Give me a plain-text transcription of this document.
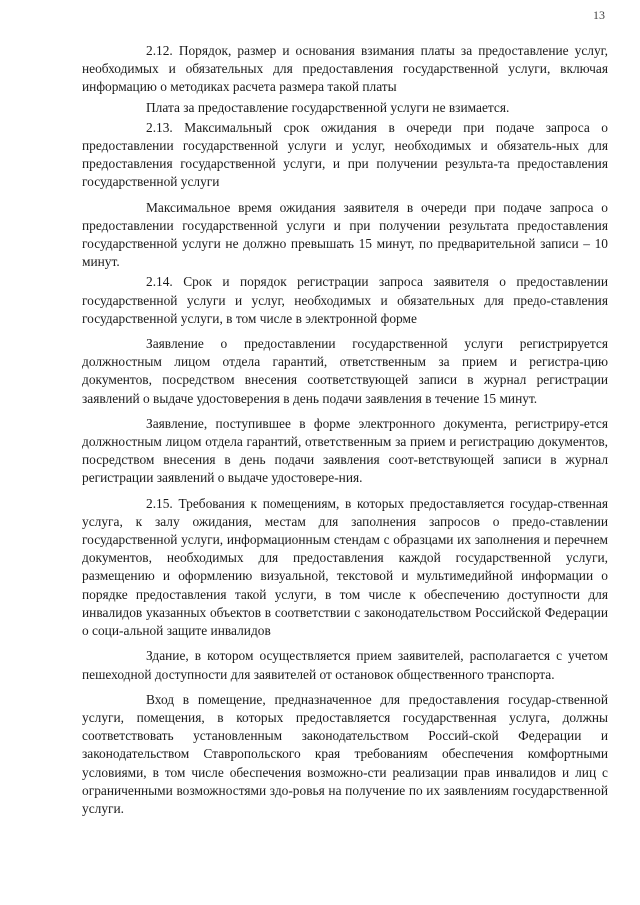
13

2.12. Порядок, размер и основания взимания платы за предоставление услуг, необходимых и обязательных для предоставления государственной услуги, включая информацию о методиках расчета размера такой платы

Плата за предоставление государственной услуги не взимается.

2.13. Максимальный срок ожидания в очереди при подаче запроса о предоставлении государственной услуги и услуг, необходимых и обязатель-ных для предоставления государственной услуги, и при получении результа-та предоставления государственной услуги

Максимальное время ожидания заявителя в очереди при подаче запроса о предоставлении государственной услуги и при получении результата предоставления государственной услуги не должно превышать 15 минут, по предварительной записи – 10 минут.

2.14. Срок и порядок регистрации запроса заявителя о предоставлении государственной услуги и услуг, необходимых и обязательных для предо-ставления государственной услуги, в том числе в электронной форме

Заявление о предоставлении государственной услуги регистрируется должностным лицом отдела гарантий, ответственным за прием и регистра-цию документов, посредством внесения соответствующей записи в журнал регистрации заявлений о выдаче удостоверения в день подачи заявления в течение 15 минут.

Заявление, поступившее в форме электронного документа, регистриру-ется должностным лицом отдела гарантий, ответственным за прием и регистрацию документов, посредством внесения в день подачи заявления соот-ветствующей записи в журнал регистрации заявлений о выдаче удостовере-ния.

2.15. Требования к помещениям, в которых предоставляется государ-ственная услуга, к залу ожидания, местам для заполнения запросов о предо-ставлении государственной услуги, информационным стендам с образцами их заполнения и перечнем документов, необходимых для предоставления каждой государственной услуги, размещению и оформлению визуальной, текстовой и мультимедийной информации о порядке предоставления такой услуги, в том числе к обеспечению доступности для инвалидов указанных объектов в соответствии с законодательством Российской Федерации о соци-альной защите инвалидов

Здание, в котором осуществляется прием заявителей, располагается с учетом пешеходной доступности для заявителей от остановок общественного транспорта.

Вход в помещение, предназначенное для предоставления государ-ственной услуги, помещения, в которых предоставляется государственная услуга, должны соответствовать установленным законодательством Россий-ской Федерации и законодательством Ставропольского края требованиям обеспечения комфортными условиями, в том числе обеспечения возможно-сти реализации прав инвалидов и лиц с ограниченными возможностями здо-ровья на получение по их заявлениям государственной услуги.
